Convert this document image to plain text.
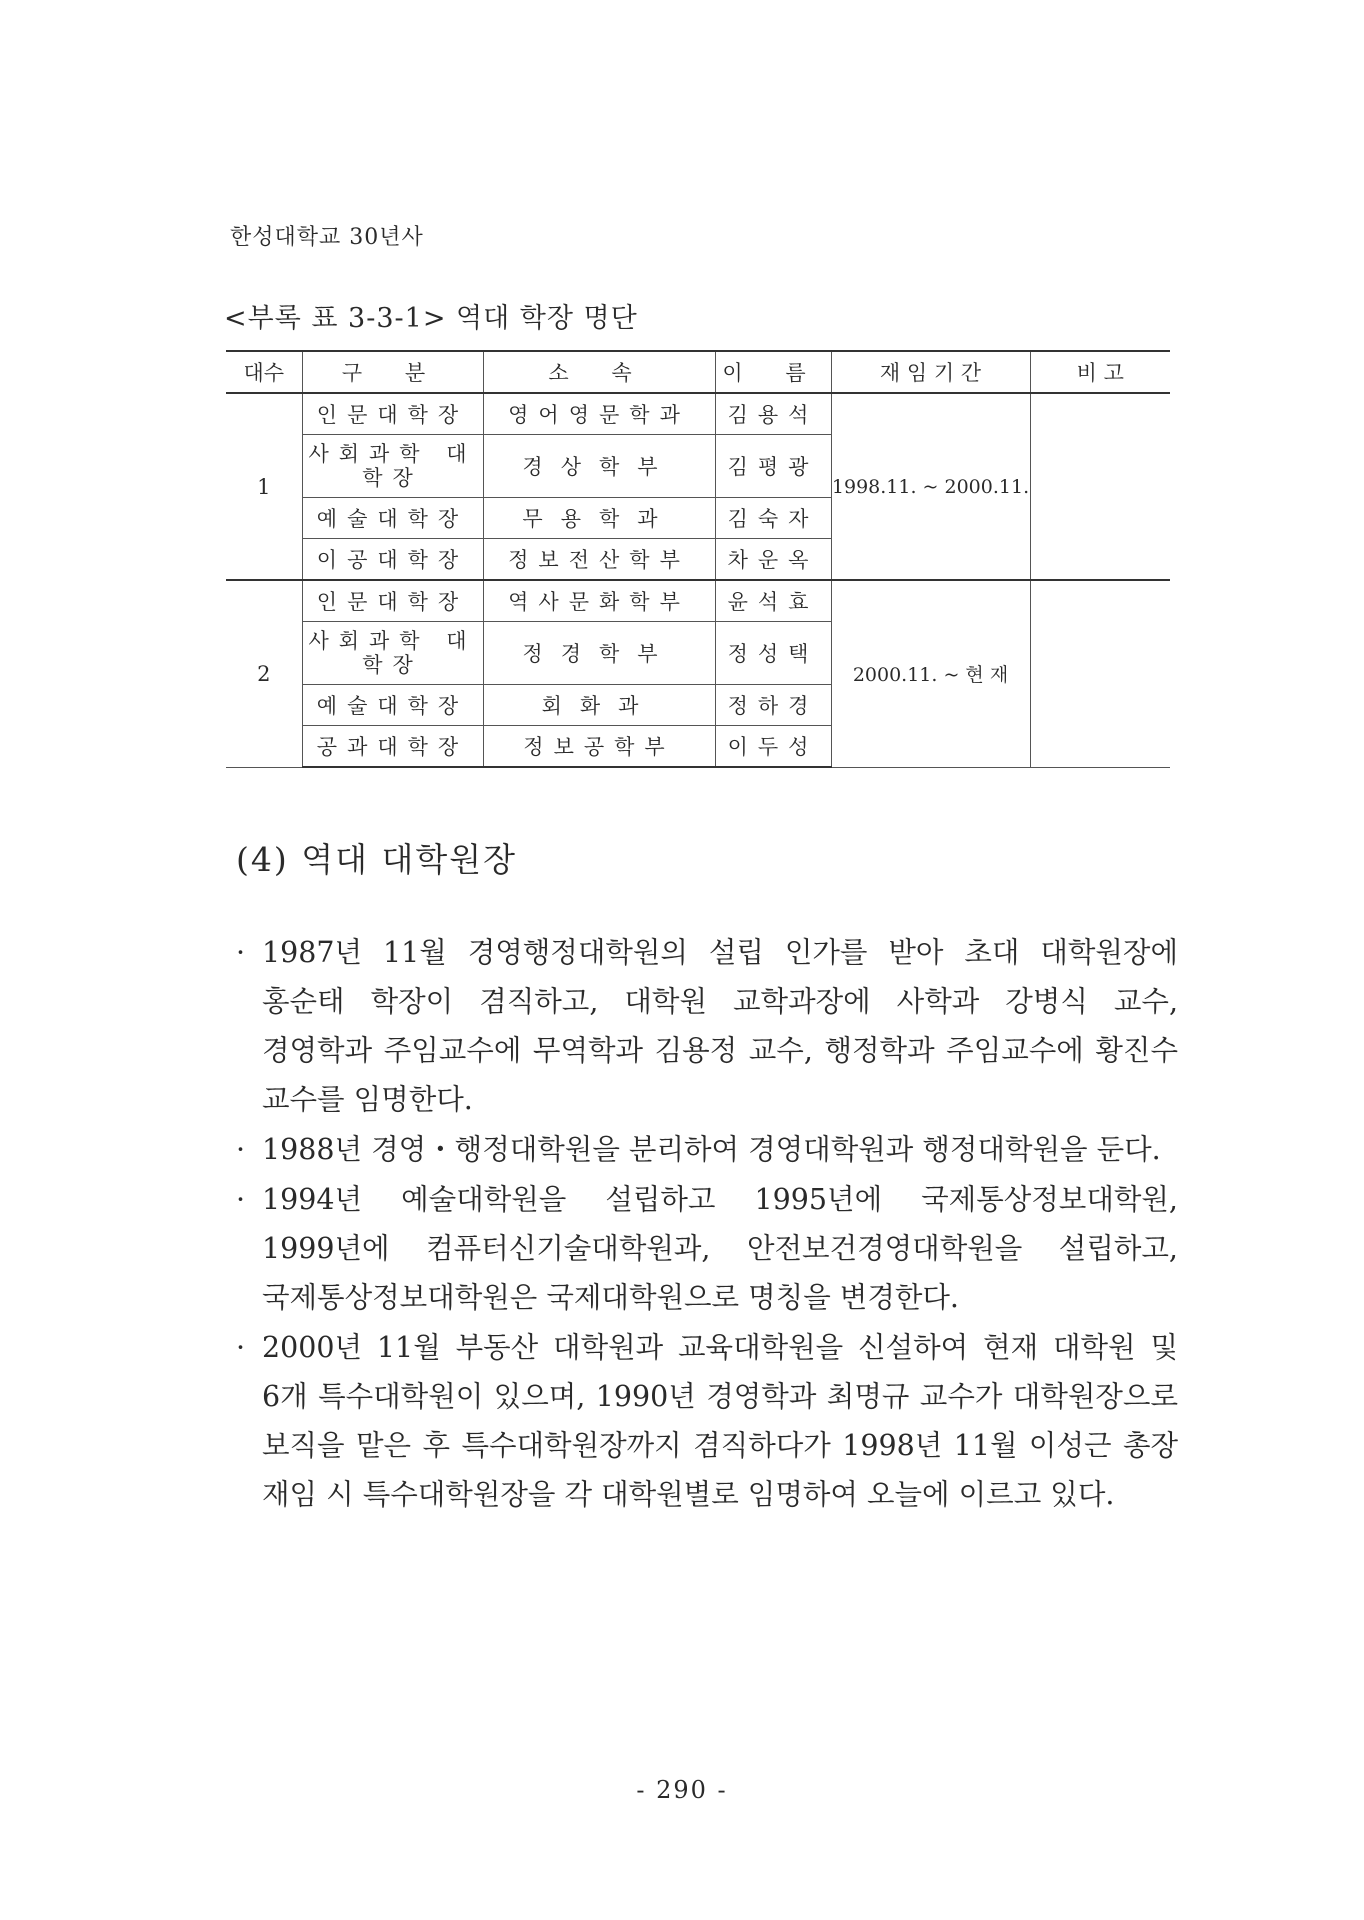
한성대학교 30년사
<부록 표 3-3-1> 역대 학장 명단
대수	구 분	소 속	이 름	재 임 기 간	비 고
1	인문대학장	영어영문학과	김용석	1998.11. ~ 2000.11.	
	사회과학 대학장	경상학부	김평광		
	예술대학장	무용학과	김숙자		
	이공대학장	정보전산학부	차운옥		
2	인문대학장	역사문화학부	윤석효	2000.11. ~ 현 재	
	사회과학 대학장	정경학부	정성택		
	예술대학장	회화과	정하경		
	공과대학장	정보공학부	이두성		
(4) 역대 대학원장
· 1987년 11월 경영행정대학원의 설립 인가를 받아 초대 대학원장에 홍순태 학장이 겸직하고, 대학원 교학과장에 사학과 강병식 교수, 경영학과 주임교수에 무역학과 김용정 교수, 행정학과 주임교수에 황진수 교수를 임명한다.
· 1988년 경영・행정대학원을 분리하여 경영대학원과 행정대학원을 둔다.
· 1994년 예술대학원을 설립하고 1995년에 국제통상정보대학원, 1999년에 컴퓨터신기술대학원과, 안전보건경영대학원을 설립하고, 국제통상정보대학원은 국제대학원으로 명칭을 변경한다.
· 2000년 11월 부동산 대학원과 교육대학원을 신설하여 현재 대학원 및 6개 특수대학원이 있으며, 1990년 경영학과 최명규 교수가 대학원장으로 보직을 맡은 후 특수대학원장까지 겸직하다가 1998년 11월 이성근 총장 재임 시 특수대학원장을 각 대학원별로 임명하여 오늘에 이르고 있다.
- 290 -
